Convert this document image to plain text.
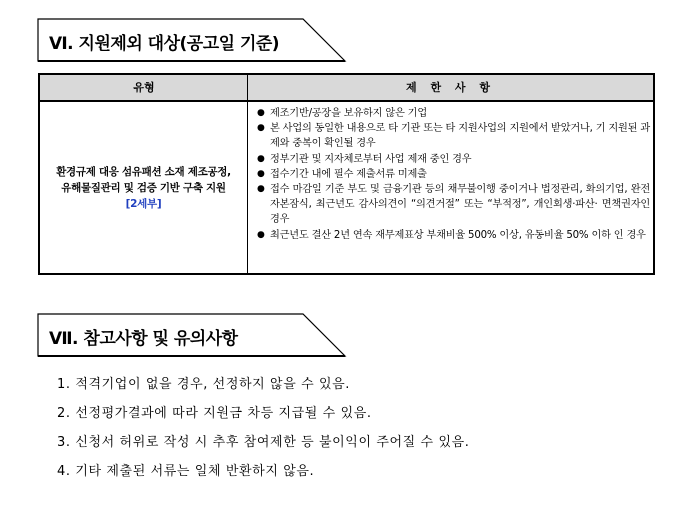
Ⅵ. 지원제외 대상(공고일 기준)
유형	제 한 사 항
환경규제 대응 섬유패션 소재 제조공정,
유해물질관리 및 검증 기반 구축 지원
[2세부]
● 제조기반/공장을 보유하지 않은 기업
● 본 사업의 동일한 내용으로 타 기관 또는 타 지원사업의 지원에서 받았거나, 기 지원된 과제와 중복이 확인될 경우
● 정부기관 및 지자체로부터 사업 제재 중인 경우
● 접수기간 내에 필수 제출서류 미제출
● 접수 마감일 기준 부도 및 금융기관 등의 채무불이행 중이거나 법정관리, 화의기업, 완전자본잠식, 최근년도 감사의견이 “의견거절” 또는 “부적정”, 개인회생·파산· 면책권자인 경우
● 최근년도 결산 2년 연속 재무제표상 부채비율 500% 이상, 유동비율 50% 이하 인 경우
Ⅶ. 참고사항 및 유의사항
1. 적격기업이 없을 경우, 선정하지 않을 수 있음.
2. 선정평가결과에 따라 지원금 차등 지급될 수 있음.
3. 신청서 허위로 작성 시 추후 참여제한 등 불이익이 주어질 수 있음.
4. 기타 제출된 서류는 일체 반환하지 않음.
